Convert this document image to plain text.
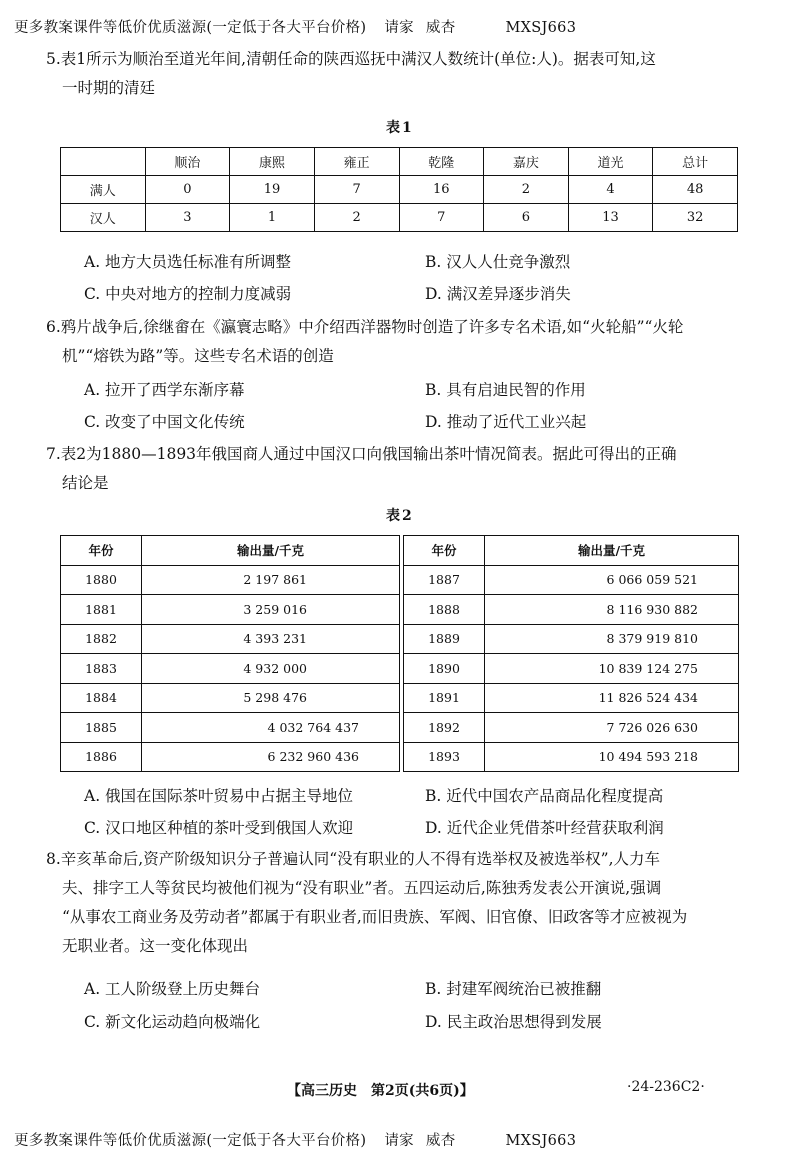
更多教案课件等低价优质滋源(一定低于各大平台价格) 请家 威杏	MXSJ663
5.表1所示为顺治至道光年间,清朝任命的陕西巡抚中满汉人数统计(单位:人)。据表可知,这
一时期的清廷
表1
	顺治	康熙	雍正	乾隆	嘉庆	道光	总计
满人	0	19	7	16	2	4	48
汉人	3	1	2	7	6	13	32
A. 地方大员选任标准有所调整	B. 汉人人仕竞争激烈
C. 中央对地方的控制力度减弱	D. 满汉差异逐步消失
6.鸦片战争后,徐继畲在《瀛寰志略》中介绍西洋器物时创造了许多专名术语,如“火轮船”“火轮
机”“熔铁为路”等。这些专名术语的创造
A. 拉开了西学东渐序幕	B. 具有启迪民智的作用
C. 改变了中国文化传统	D. 推动了近代工业兴起
7.表2为1880—1893年俄国商人通过中国汉口向俄国输出茶叶情况简表。据此可得出的正确
结论是
表2
年份	输出量/千克
1880	2 197 861
1881	3 259 016
1882	4 393 231
1883	4 932 000
1884	5 298 476
1885	4 032 764 437
1886	6 232 960 436
年份	输出量/千克
1887	6 066 059 521
1888	8 116 930 882
1889	8 379 919 810
1890	10 839 124 275
1891	11 826 524 434
1892	7 726 026 630
1893	10 494 593 218
A. 俄国在国际茶叶贸易中占据主导地位	B. 近代中国农产品商品化程度提高
C. 汉口地区种植的茶叶受到俄国人欢迎	D. 近代企业凭借茶叶经营获取利润
8.辛亥革命后,资产阶级知识分子普遍认同“没有职业的人不得有选举权及被选举权”,人力车
夫、排字工人等贫民均被他们视为“没有职业”者。五四运动后,陈独秀发表公开演说,强调
“从事农工商业务及劳动者”都属于有职业者,而旧贵族、军阀、旧官僚、旧政客等才应被视为
无职业者。这一变化体现出
A. 工人阶级登上历史舞台	B. 封建军阀统治已被推翻
C. 新文化运动趋向极端化	D. 民主政治思想得到发展
【高三历史　第2页(共6页)】	·24-236C2·
更多教案课件等低价优质滋源(一定低于各大平台价格) 请家 威杏	MXSJ663
